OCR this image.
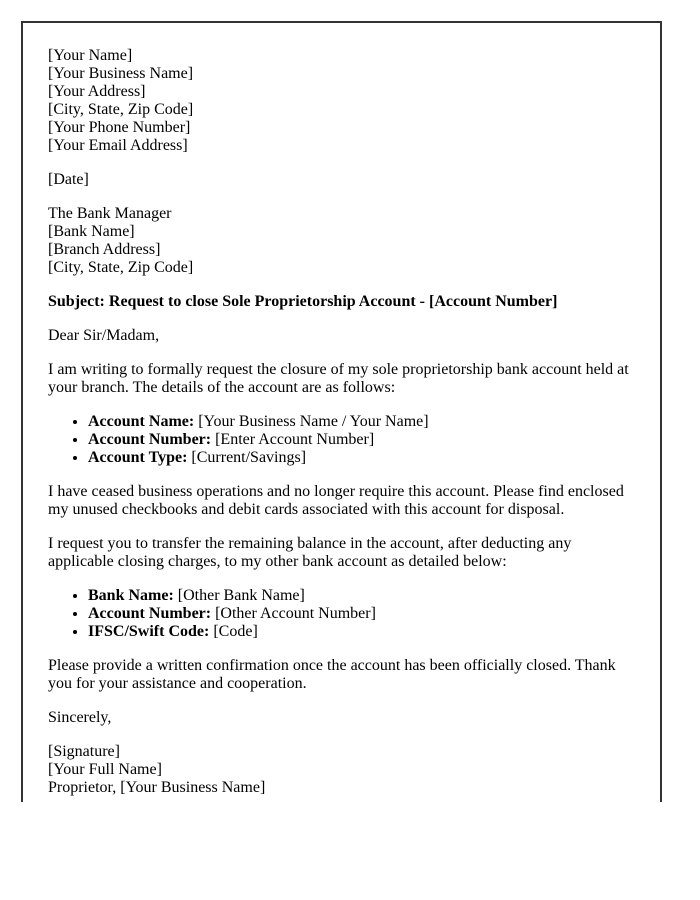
[Your Name]
[Your Business Name]
[Your Address]
[City, State, Zip Code]
[Your Phone Number]
[Your Email Address]
[Date]
The Bank Manager
[Bank Name]
[Branch Address]
[City, State, Zip Code]
Subject: Request to close Sole Proprietorship Account - [Account Number]
Dear Sir/Madam,
I am writing to formally request the closure of my sole proprietorship bank account held at your branch. The details of the account are as follows:
• Account Name: [Your Business Name / Your Name]
• Account Number: [Enter Account Number]
• Account Type: [Current/Savings]
I have ceased business operations and no longer require this account. Please find enclosed my unused checkbooks and debit cards associated with this account for disposal.
I request you to transfer the remaining balance in the account, after deducting any applicable closing charges, to my other bank account as detailed below:
• Bank Name: [Other Bank Name]
• Account Number: [Other Account Number]
• IFSC/Swift Code: [Code]
Please provide a written confirmation once the account has been officially closed. Thank you for your assistance and cooperation.
Sincerely,
[Signature]
[Your Full Name]
Proprietor, [Your Business Name]
